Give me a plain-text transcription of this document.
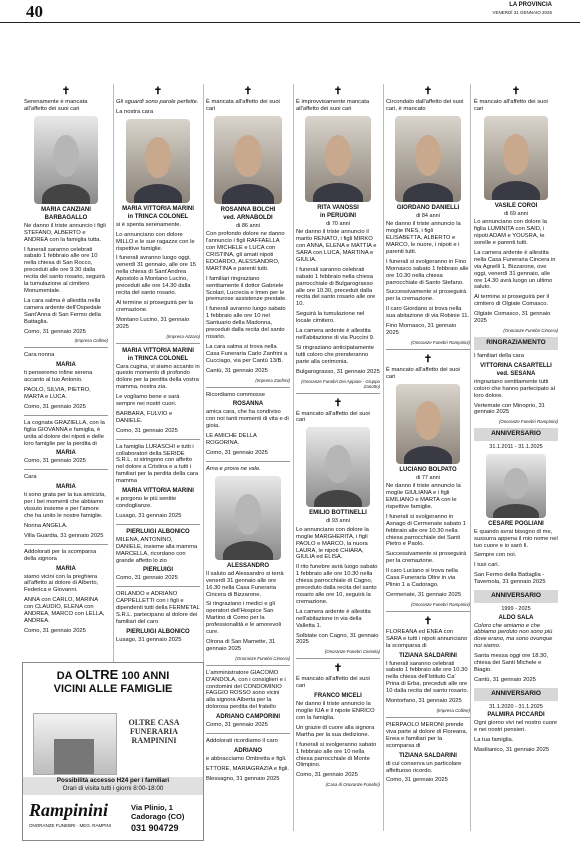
40	LA PROVINCIA
VENERDÌ 31 GENNAIO 2025
✝

Serenamente è mancata all'affetto dei suoi cari

MARIA CANZIANI
BARBAGALLO

Ne danno il triste annuncio i figli STEFANO, ALBERTO e ANDREA con la famiglia tutta.

I funerali saranno celebrati sabato 1 febbraio alle ore 10 nella chiesa di San Rocco, preceduti alle ore 9.30 dalla recita del santo rosario, seguirà la tumulazione al cimitero Monumentale.

La cara salma è allestita nella camera ardente dell'Ospedale Sant'Anna di San Fermo della Battaglia.

Como, 31 gennaio 2025

(Impresa Colline)

Cara nonna

MARIA

ti penseremo infine serena accanto al tuo Antonio.

PAOLO, SILVIA, PIETRO, MARTA e LUCA.

Como, 31 gennaio 2025

La cognata GRAZIELLA, con la figlia GIOVANNA e famiglia, è unita al dolore dei nipoti e delle loro famiglie per la perdita di

MARIA

Como, 31 gennaio 2025

Cara

MARIA

ti sono grata per la tua amicizia, per i bei momenti che abbiamo vissuto insieme e per l'amore che ha unito le nostre famiglie.

Nonna ANGELA.

Villa Guardia, 31 gennaio 2025

Addolorati per la scomparsa della signora

MARIA

siamo vicini con la preghiera all'affetto ai dolore di Alberto, Federica e Giovanni.

ANNA con CARLO, MARINA con CLAUDIO, ELENA con ANDREA, MARCO con LELLA, ANDREA.

Como, 31 gennaio 2025

✝

Gli sguardi sono parole perfette.

La nostra cara

MARIA VITTORIA MARINI
in TRINCA COLONEL

si è spenta serenamente.

Lo annunciano con dolore MILLO e le sue ragazze con le rispettive famiglie.

I funerali avranno luogo oggi, venerdì 31 gennaio, alle ore 15 nella chiesa di Sant'Andrea Apostolo a Montano Lucino, preceduti alle ore 14.30 dalla recita del santo rosario.

Al termine si proseguirà per la cremazione.

Montano Lucino, 31 gennaio 2025

(Impresa Azzaro)
MARIA VITTORIA MARINI
in TRINCA COLONEL

Cara cugina, vi siamo accanto in questo momento di profondo dolore per la perdita della vostra mamma, nostra zia.

Le vogliamo bene e sarà sempre nei nostri cuori.

BARBARA, FULVIO e DANIELE.

Como, 31 gennaio 2025

La famiglia LURASCHI e tutti i collaboratori della SERIDE S.R.L. si stringono con affetto nel dolore a Cristina e a tutti i familiari per la perdita della cara mamma

MARIA VITTORIA MARINI

e porgono le più sentite condoglianze.

Lusago, 31 gennaio 2025

PIERLUIGI ALBONICO

MILENA, ANTONINO, DANIELE, insieme alla mamma MARCELLA, ricordano con grande affetto lo zio

PIERLUIGI

Como, 31 gennaio 2025

ORLANDO e ADRIANO CAPPELLETTI con i figli e dipendenti tutti della FERMETAL S.R.L. partecipano al dolore dei familiari del caro

PIERLUIGI ALBONICO

Lusago, 31 gennaio 2025

✝

È mancata all'affetto dei suoi cari

ROSANNA BOLCHI
ved. ARNABOLDI
di 86 anni

Con profondo dolore ne danno l'annuncio i figli RAFFAELLA con MICHELE e LUCA con CRISTINA, gli amati nipoti EDOARDO, ALESSANDRO, MARTINA e parenti tutti.

I familiari ringraziano sentitamente il dottor Gabriele Scolari, Lucrecia e Imen per le premurose assistenze prestate.

I funerali avranno luogo sabato 1 febbraio alle ore 10 nel Santuario della Madonna, preceduti dalla recita del santo rosario.

La cara salma si trova nella Casa Funeraria Carlo Zanfrini a Cucciago, via per Cantù 13/B.

Cantù, 31 gennaio 2025

(Impresa Zanfrini)

Ricordiamo commosse

ROSANNA

amica cara, che ha condiviso con noi tanti momenti di vita e di gioia.

LE AMICHE DELLA ROGORINA.

Como, 31 gennaio 2025

Ama e prova ne vale.

ALESSANDRO

Il saluto ad Alessandro si terrà venerdì 31 gennaio alle ore 16.30 nella Casa Funeraria Cincera di Bizzarone.

Si ringraziano i medici e gli operatori dell'Hospice San Martino di Como per la professionalità e le amorevoli cure.

Olrona di San Mamette, 31 gennaio 2025

(Onoranze Funebri Cincera)

L'amministratore GIACOMO D'ANDOLA, con i consiglieri e i condomini del CONDOMINIO FAGGIO ROSSO sono vicini alla signora Alberta per la dolorosa perdita del fratello

ADRIANO CAMPORINI

Como, 31 gennaio 2025

Addolorati ricordiamo il caro

ADRIANO

e abbracciamo Ombretta e figli.

ETTORE, MARIAGRAZIA e figli.

Blessagno, 31 gennaio 2025

✝

È improvvisamente mancata all'affetto dei suoi cari

RITA VANOSSI
in PERUGINI
di 70 anni

Ne danno il triste annuncio il marito RENATO, i figli MIRKO con ANNA, ELENA e MATTIA e SARA con LUCA, MARTINA e GIULIA.

I funerali saranno celebrati sabato 1 febbraio nella chiesa parrocchiale di Bulgarograsso alle ore 10.30, preceduti dalla recita del santo rosario alle ore 10.

Seguirà la tumulazione nel locale cimitero.

La camera ardente è allestita nell'abitazione di via Puccini 9.

Si ringraziano anticipatamente tutti coloro che prenderanno parte alla cerimonia.

Bulgarograsso, 31 gennaio 2025

(Onoranze Funebri Dei Appiani - Gruppo Zanotto)
✝

È mancato all'affetto dei suoi cari

EMILIO BOTTINELLI
di 93 anni

Lo annunciano con dolore la moglie MARGHERITA, i figli PAOLO e MARCO, la nuora LAURA, le nipoti CHIARA, GIULIA ed ELISA.

Il rito funebre avrà luogo sabato 1 febbraio alle ore 10.30 nella chiesa parrocchiale di Cagno, preceduto dalla recita del santo rosario alle ore 10, seguirà la cremazione.

La camera ardente è allestita nell'abitazione in via della Valletta 1.

Solbiate con Cagno, 31 gennaio 2025

(Onoranze Funebri Cinisela)
✝

È mancato all'affetto dei suoi cari

FRANCO MICELI

Ne danno il triste annuncio la moglie IUA e il nipote ENRICO con la famiglia.

Un grazie di cuore alla signora Martha per la sua dedizione.

I funerali si svolgeranno sabato 1 febbraio alle ore 10 nella chiesa parrocchiale di Monte Olimpino.

Como, 31 gennaio 2025

(Casa di Onoranze Funebri)
✝

Circondato dall'affetto dei suoi cari, è mancato

GIORDANO DANIELLI
di 84 anni

Ne danno il triste annuncio la moglie INES, i figli ELISABETTA, ALBERTO e MARCO, le nuore, i nipoti e i parenti tutti.

I funerali si svolgeranno in Fino Mornasco sabato 1 febbraio alle ore 10.30 nella chiesa parrocchiale di Santo Stefano.

Successivamente si proseguirà per la cremazione.

Il caro Giordano si trova nella sua abitazione di via Robinie 11.

Fino Mornasco, 31 gennaio 2025

(Onoranze Funebri Rampinini)
✝

È mancato all'affetto dei suoi cari

LUCIANO BOLPATO
di 77 anni

Ne danno il triste annuncio la moglie GIULIANA e i figli EMILIANO e MARTA con le rispettive famiglie.

I funerali si svolgeranno in Asnago di Cermenate sabato 1 febbraio alle ore 10.30 nella chiesa parrocchiale dei Santi Pietro e Paolo.

Successivamente si proseguirà per la cremazione.

Il caro Luciano si trova nella Casa Funeraria Oltre in via Plinio 1 a Cadorago.

Cermenate, 31 gennaio 2025

(Onoranze Funebri Rampinini)
✝

FLOREANA ed ENEA con SARA e tutti i nipoti annunciano la scomparsa di

TIZIANA SALDARINI

I funerali saranno celebrati sabato 1 febbraio alle ore 10.30 nella chiesa dell'Istituto Ca' Prina di Erba, preceduti alle ore 10 dalla recita del santo rosario.

Montorfano, 31 gennaio 2025

(Impresa Colline)

PIERPAOLO MERONI prende viva parte al dolore di Floreana, Enea e familiari per la scomparsa di

TIZIANA SALDARINI

di cui conserva un particolare affettuoso ricordo.

Como, 31 gennaio 2025

✝

È mancato all'affetto dei suoi cari

VASILE COROI
di 69 anni

Lo annunciano con dolore la figlia LUMINITA con SAID, i nipoti ADAM e YOUSRA, le sorelle e parenti tutti.

La camera ardente è allestita nella Casa Funeraria Cincera in via Agnelli 1, Bizzarone, ove oggi, venerdì 31 gennaio, alle ore 14.30 avrà luogo un ultimo saluto.

Al termine si proseguirà per il cimitero di Olgiate Comasco.

Olgiate Comasco, 31 gennaio 2025

(Onoranze Funebri Cincera)
RINGRAZIAMENTO

I familiari della cara

VITTORINA CASARTELLI
ved. SESANA

ringraziano sentitamente tutti coloro che hanno partecipato al loro dolore.

Vertemate con Minoprio, 31 gennaio 2025

(Onoranze Funebri Rampinini)
ANNIVERSARIO
31.1.2011 - 31.1.2025
CESARE POGLIANI

E quando avrai bisogno di me, sussurra appena il mio nome nel tuo cuore e io sarò lì.

Sempre con noi.

I tuoi cari.

San Fermo della Battaglia - Tavernola, 31 gennaio 2025

ANNIVERSARIO
1999 - 2025
ALDO SALA

Coloro che amiamo e che abbiamo perduto non sono più dove erano, ma sono ovunque noi siamo.

Santa messa oggi ore 18.30, chiesa dei Santi Michele e Biagio.

Cantù, 31 gennaio 2025

ANNIVERSARIO
31.1.2020 - 31.1.2025
PALMIRA PICCARDI

Ogni giorno vivi nel nostro cuore e nei nostri pensieri.

La tua famiglia.

Masliianico, 31 gennaio 2025

DA OLTRE 100 ANNI
VICINI ALLE FAMIGLIE
OLTRE CASA FUNERARIA RAMPININI
Possibilità accesso H24 per i familiari
Orari di visita tutti i giorni 8:00-18:00
Rampinini
ONORANZE FUNEBRI · MEG. RAMPINI
Via Plinio, 1
Cadorago (CO)
031 904729
